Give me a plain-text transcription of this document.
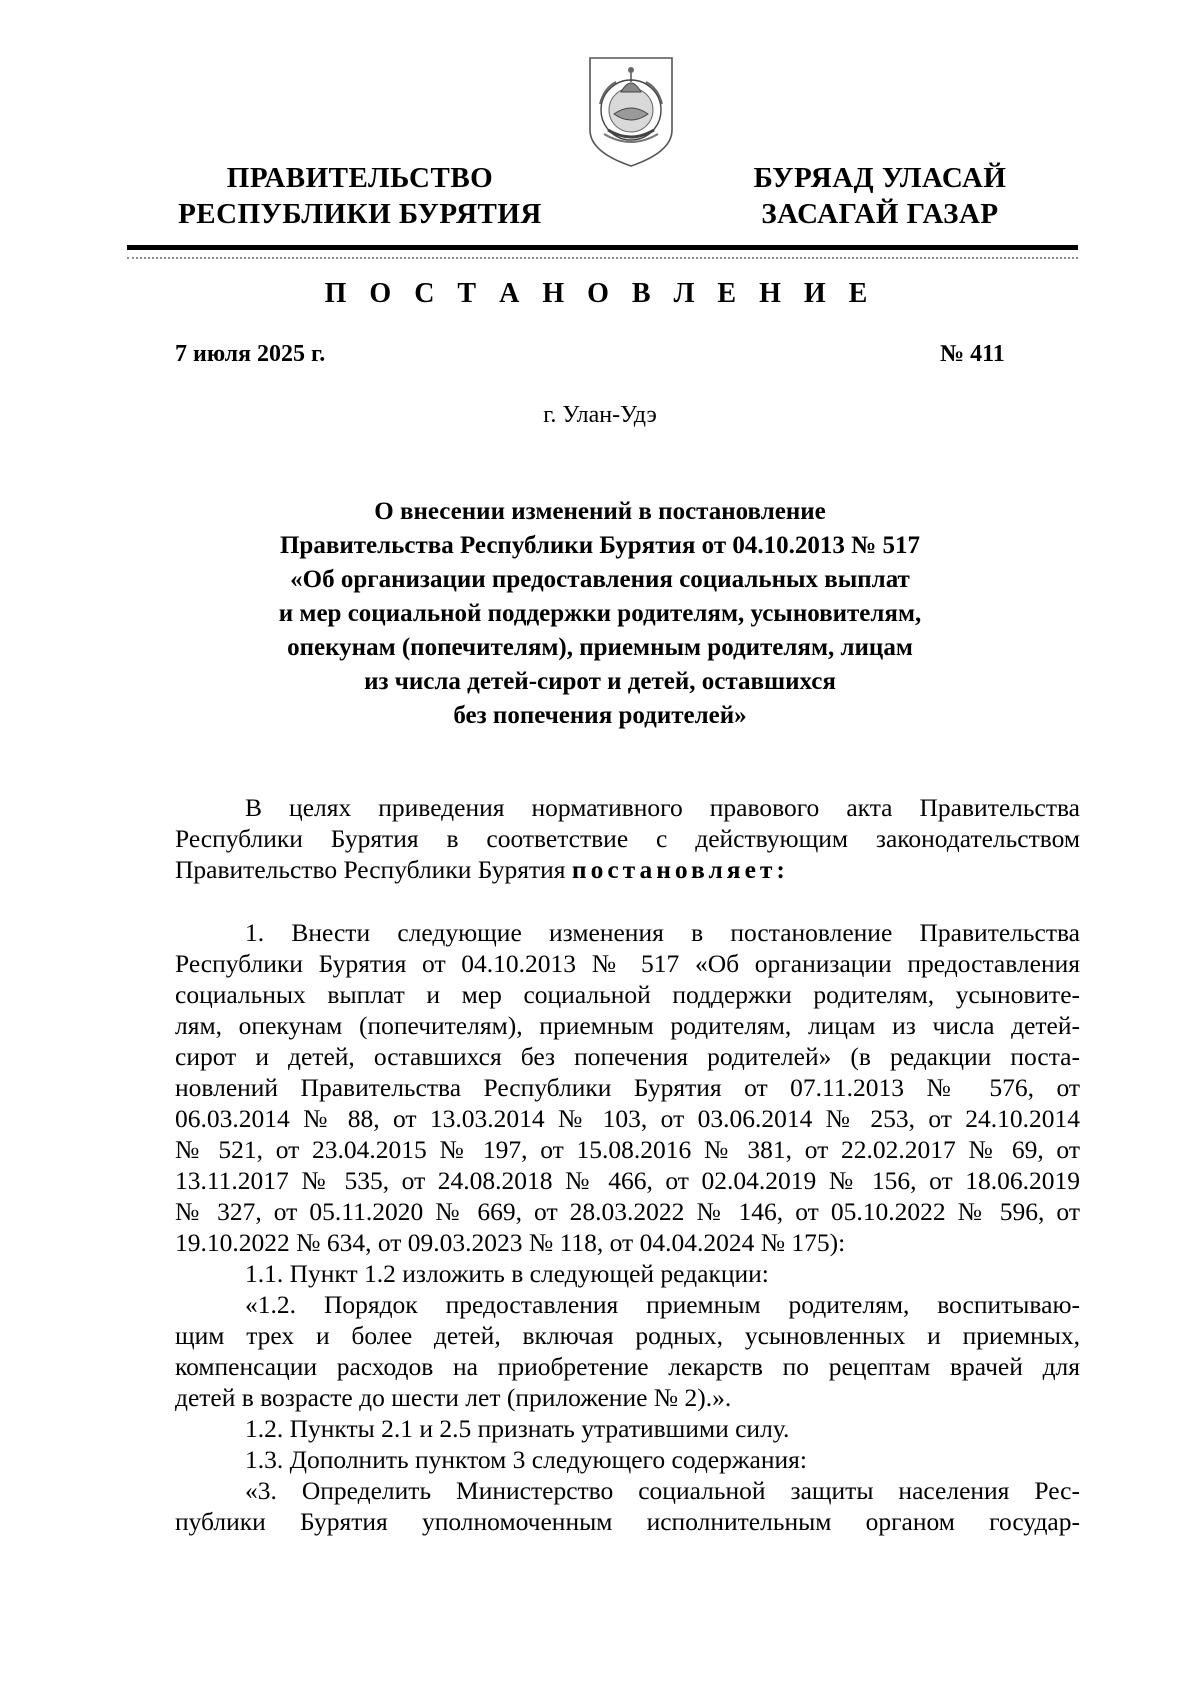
ПРАВИТЕЛЬСТВО
РЕСПУБЛИКИ БУРЯТИЯ
БУРЯАД УЛАСАЙ
ЗАСАГАЙ ГАЗАР
П О С Т А Н О В Л Е Н И Е
7 июля 2025 г.	№ 411
г. Улан-Удэ
О внесении изменений в постановление
Правительства Республики Бурятия от 04.10.2013 № 517
«Об организации предоставления социальных выплат
и мер социальной поддержки родителям, усыновителям,
опекунам (попечителям), приемным родителям, лицам
из числа детей-сирот и детей, оставшихся
без попечения родителей»
В целях приведения нормативного правового акта Правительства
Республики Бурятия в соответствие с действующим законодательством
Правительство Республики Бурятия постановляет:
1. Внести следующие изменения в постановление Правительства
Республики Бурятия от 04.10.2013 № 517 «Об организации предоставления
социальных выплат и мер социальной поддержки родителям, усыновите-
лям, опекунам (попечителям), приемным родителям, лицам из числа детей-
сирот и детей, оставшихся без попечения родителей» (в редакции поста-
новлений Правительства Республики Бурятия от 07.11.2013 № 576, от
06.03.2014 № 88, от 13.03.2014 № 103, от 03.06.2014 № 253, от 24.10.2014
№ 521, от 23.04.2015 № 197, от 15.08.2016 № 381, от 22.02.2017 № 69, от
13.11.2017 № 535, от 24.08.2018 № 466, от 02.04.2019 № 156, от 18.06.2019
№ 327, от 05.11.2020 № 669, от 28.03.2022 № 146, от 05.10.2022 № 596, от
19.10.2022 № 634, от 09.03.2023 № 118, от 04.04.2024 № 175):
1.1. Пункт 1.2 изложить в следующей редакции:
«1.2. Порядок предоставления приемным родителям, воспитываю-
щим трех и более детей, включая родных, усыновленных и приемных,
компенсации расходов на приобретение лекарств по рецептам врачей для
детей в возрасте до шести лет (приложение № 2).».
1.2. Пункты 2.1 и 2.5 признать утратившими силу.
1.3. Дополнить пунктом 3 следующего содержания:
«3. Определить Министерство социальной защиты населения Рес-
публики Бурятия уполномоченным исполнительным органом государ-
